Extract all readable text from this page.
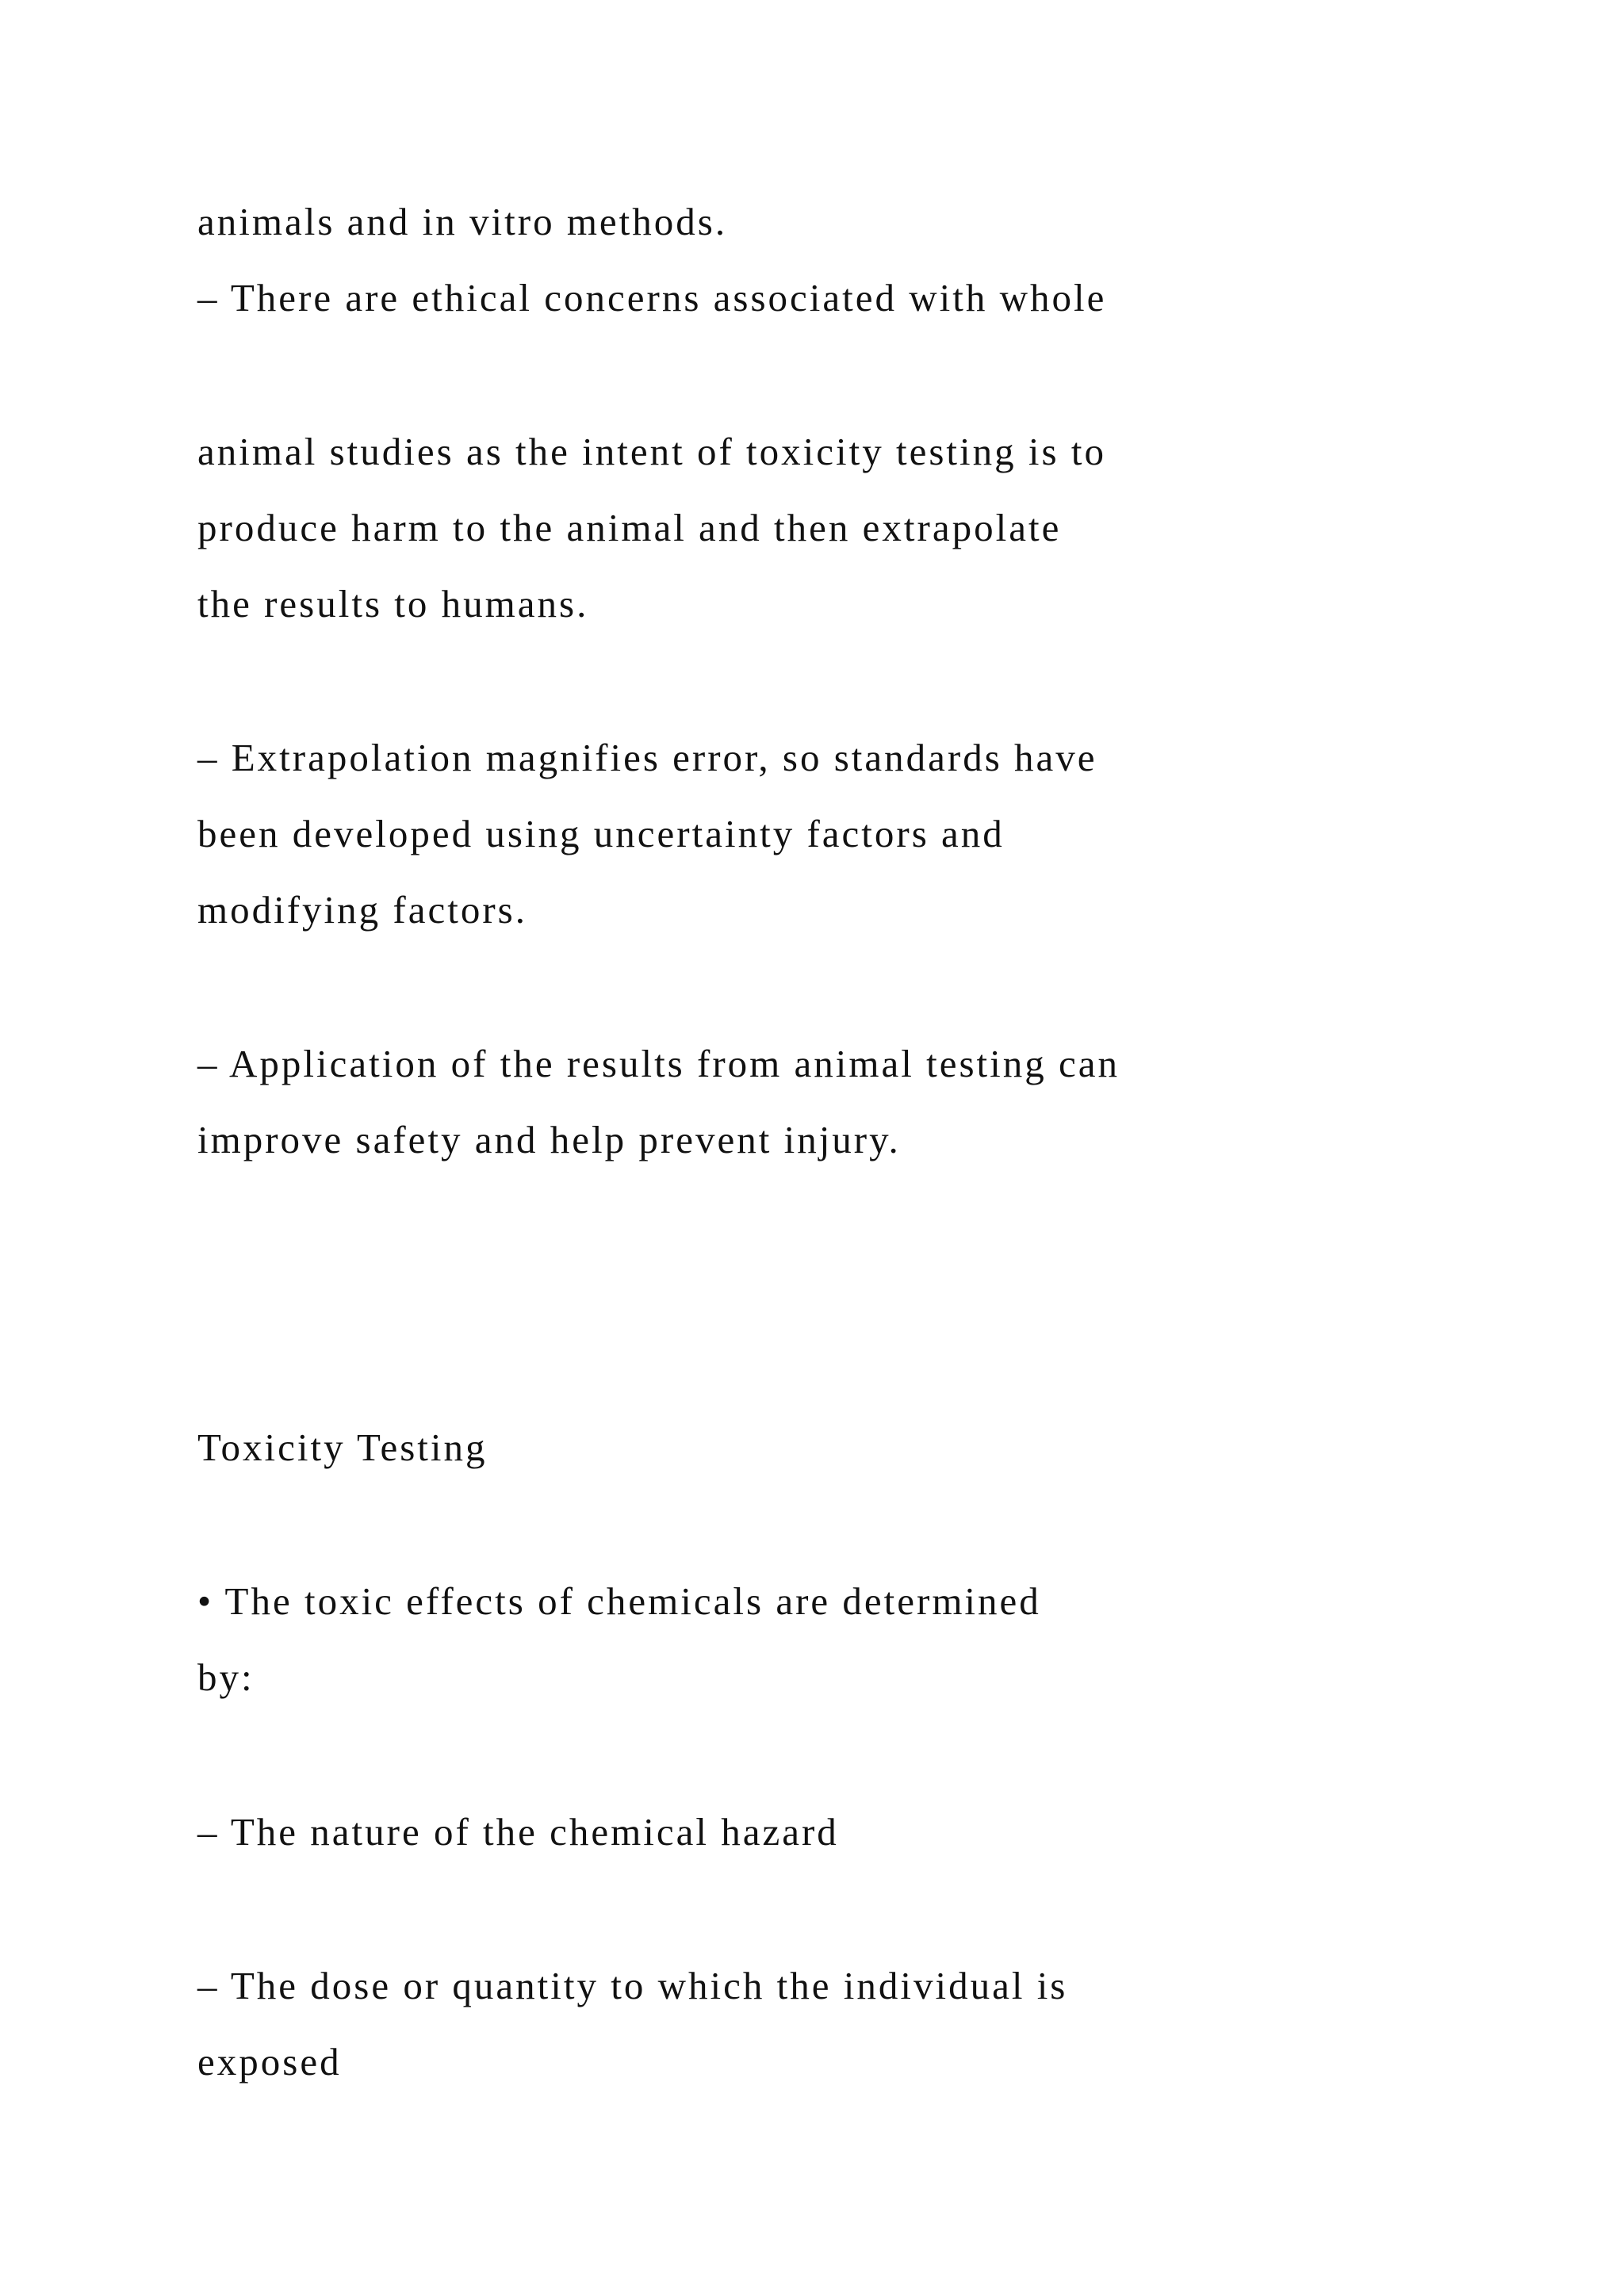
animals and in vitro methods.
– There are ethical concerns associated with whole
animal studies as the intent of toxicity testing is to
produce harm to the animal and then extrapolate
the results to humans.
– Extrapolation magnifies error, so standards have
been developed using uncertainty factors and
modifying factors.
– Application of the results from animal testing can
improve safety and help prevent injury.
Toxicity Testing
• The toxic effects of chemicals are determined
by:
– The nature of the chemical hazard
– The dose or quantity to which the individual is
exposed
